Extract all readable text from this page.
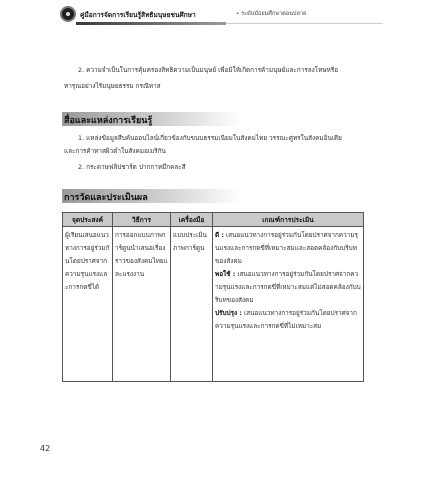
คู่มือการจัดการเรียนรู้สิทธิมนุษยชนศึกษา	• ระดับมัธยมศึกษาตอนปลาย
2. ความจำเป็นในการคุ้มครองสิทธิความเป็นมนุษย์ เพื่อมิให้เกิดการค้ามนุษย์และการลงโทษหรือ
ทารุณอย่างไร้มนุษยธรรม กรณีทาส
สื่อและแหล่งการเรียนรู้
1. แหล่งข้อมูลสืบค้นออนไลน์เกี่ยวข้องกับขนบธรรมเนียมในสังคมไทย วรรณะศูทรในสังคมอินเดีย
และการค้าทาสผิวดำในสังคมอเมริกัน
2. กระดาษฟลิปชาร์ต ปากกาหมึกคละสี
การวัดและประเมินผล
จุดประสงค์	วิธีการ	เครื่องมือ	เกณฑ์การประเมิน
ผู้เรียนเสนอแนวทางการอยู่ร่วมกันโดยปราศจากความรุนแรงและการกดขี่ได้	การออกแบบภาพการ์ตูนนำเสนอเรื่องราวของสังคมไทยและแรงงาน	แบบประเมินภาพการ์ตูน	ดี : เสนอแนวทางการอยู่ร่วมกันโดยปราศจากความรุนแรงและการกดขี่ที่เหมาะสมและสอดคล้องกับบริบทของสังคม
พอใช้ : เสนอแนวทางการอยู่ร่วมกันโดยปราศจากความรุนแรงและการกดขี่ที่เหมาะสมแต่ไม่สอดคล้องกับบริบทของสังคม
ปรับปรุง : เสนอแนวทางการอยู่ร่วมกันโดยปราศจากความรุนแรงและการกดขี่ที่ไม่เหมาะสม
42
